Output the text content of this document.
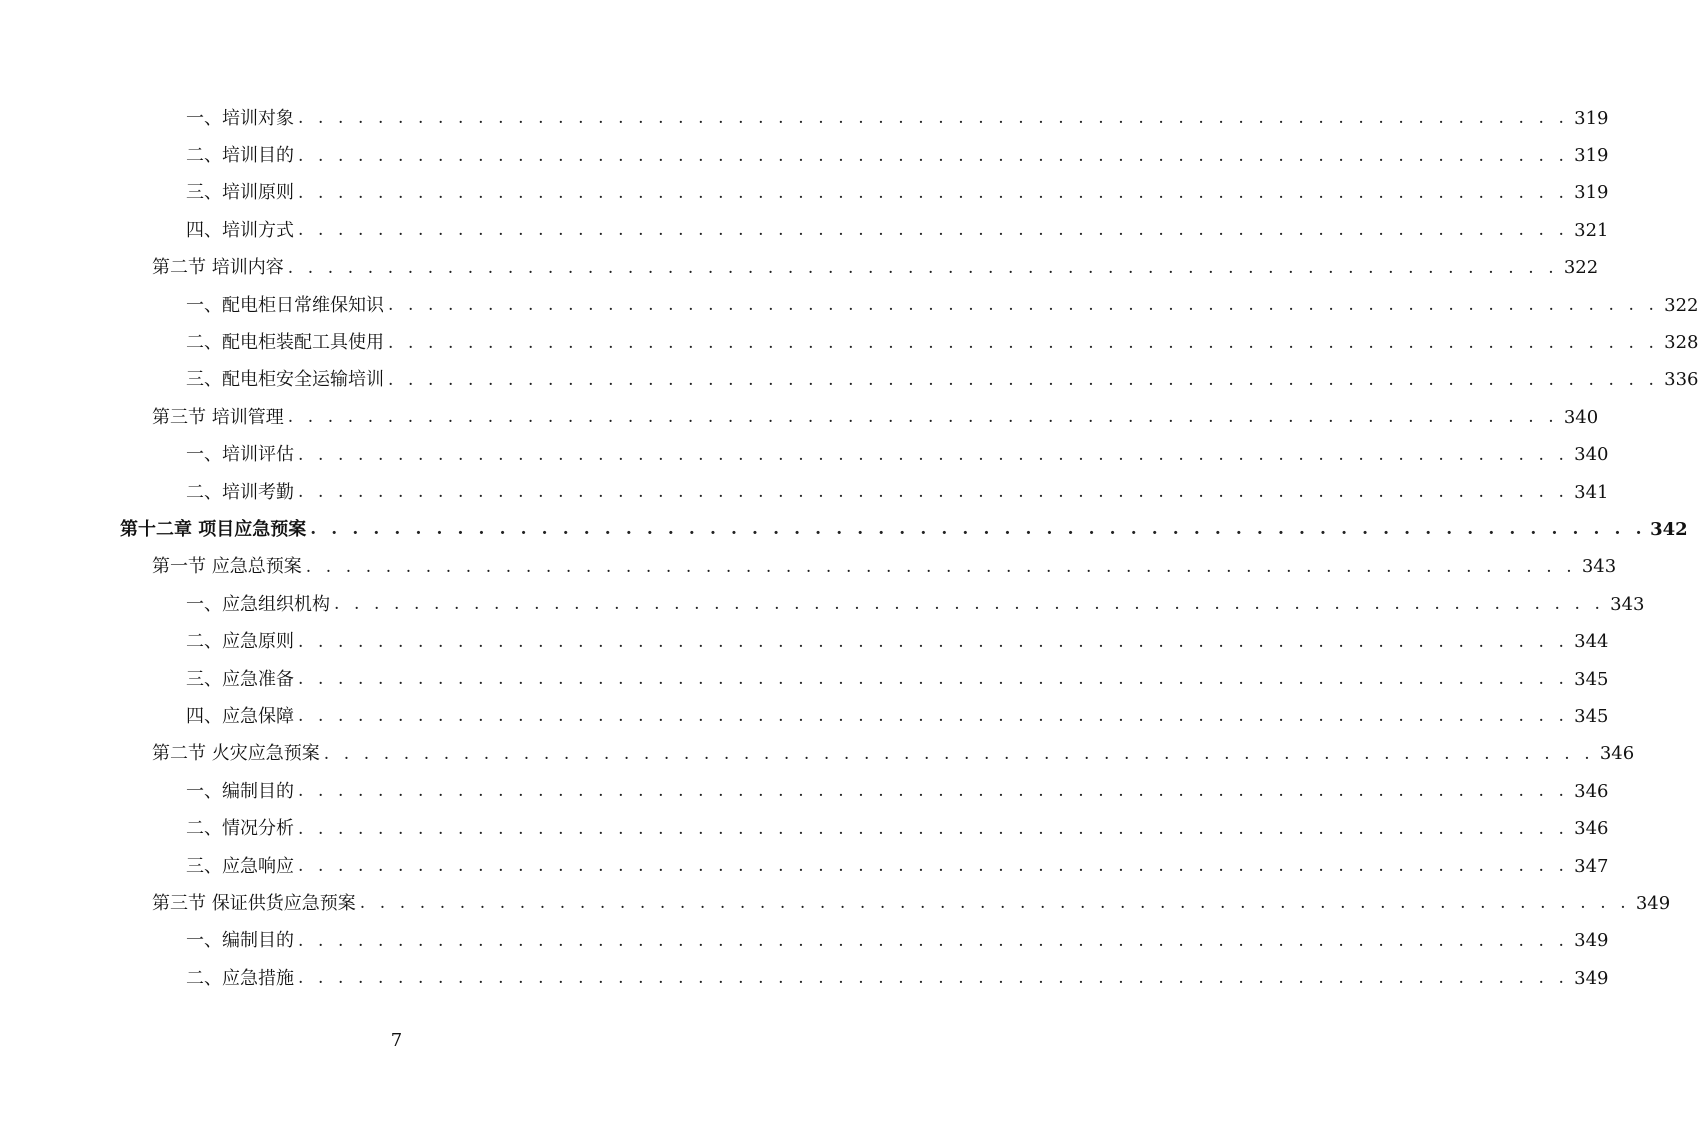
一、培训对象 . . . . . . . . . . . . . . . . . . . . . . . . . . . . . . . . . . . . . . . . . . . . . . . . . . . . . . . . . . . . . . . . 319
二、培训目的 . . . . . . . . . . . . . . . . . . . . . . . . . . . . . . . . . . . . . . . . . . . . . . . . . . . . . . . . . . . . . . . . 319
三、培训原则 . . . . . . . . . . . . . . . . . . . . . . . . . . . . . . . . . . . . . . . . . . . . . . . . . . . . . . . . . . . . . . . . 319
四、培训方式 . . . . . . . . . . . . . . . . . . . . . . . . . . . . . . . . . . . . . . . . . . . . . . . . . . . . . . . . . . . . . . . . 321
第二节 培训内容 . . . . . . . . . . . . . . . . . . . . . . . . . . . . . . . . . . . . . . . . . . . . . . . . . . . . . . . . . . . . . . . . 322
一、配电柜日常维保知识 . . . . . . . . . . . . . . . . . . . . . . . . . . . . . . . . . . . . . . . . . . . . . . . . . . . . . . . . . . . . . . . . 322
二、配电柜装配工具使用 . . . . . . . . . . . . . . . . . . . . . . . . . . . . . . . . . . . . . . . . . . . . . . . . . . . . . . . . . . . . . . . . 328
三、配电柜安全运输培训 . . . . . . . . . . . . . . . . . . . . . . . . . . . . . . . . . . . . . . . . . . . . . . . . . . . . . . . . . . . . . . . . 336
第三节 培训管理 . . . . . . . . . . . . . . . . . . . . . . . . . . . . . . . . . . . . . . . . . . . . . . . . . . . . . . . . . . . . . . . . 340
一、培训评估 . . . . . . . . . . . . . . . . . . . . . . . . . . . . . . . . . . . . . . . . . . . . . . . . . . . . . . . . . . . . . . . . 340
二、培训考勤 . . . . . . . . . . . . . . . . . . . . . . . . . . . . . . . . . . . . . . . . . . . . . . . . . . . . . . . . . . . . . . . . 341
第十二章 项目应急预案 . . . . . . . . . . . . . . . . . . . . . . . . . . . . . . . . . . . . . . . . . . . . . . . . . . . . . . . . . . . . . . . . 342
第一节 应急总预案 . . . . . . . . . . . . . . . . . . . . . . . . . . . . . . . . . . . . . . . . . . . . . . . . . . . . . . . . . . . . . . . . 343
一、应急组织机构 . . . . . . . . . . . . . . . . . . . . . . . . . . . . . . . . . . . . . . . . . . . . . . . . . . . . . . . . . . . . . . . . 343
二、应急原则 . . . . . . . . . . . . . . . . . . . . . . . . . . . . . . . . . . . . . . . . . . . . . . . . . . . . . . . . . . . . . . . . 344
三、应急准备 . . . . . . . . . . . . . . . . . . . . . . . . . . . . . . . . . . . . . . . . . . . . . . . . . . . . . . . . . . . . . . . . 345
四、应急保障 . . . . . . . . . . . . . . . . . . . . . . . . . . . . . . . . . . . . . . . . . . . . . . . . . . . . . . . . . . . . . . . . 345
第二节 火灾应急预案 . . . . . . . . . . . . . . . . . . . . . . . . . . . . . . . . . . . . . . . . . . . . . . . . . . . . . . . . . . . . . . . . 346
一、编制目的 . . . . . . . . . . . . . . . . . . . . . . . . . . . . . . . . . . . . . . . . . . . . . . . . . . . . . . . . . . . . . . . . 346
二、情况分析 . . . . . . . . . . . . . . . . . . . . . . . . . . . . . . . . . . . . . . . . . . . . . . . . . . . . . . . . . . . . . . . . 346
三、应急响应 . . . . . . . . . . . . . . . . . . . . . . . . . . . . . . . . . . . . . . . . . . . . . . . . . . . . . . . . . . . . . . . . 347
第三节 保证供货应急预案 . . . . . . . . . . . . . . . . . . . . . . . . . . . . . . . . . . . . . . . . . . . . . . . . . . . . . . . . . . . . . . . . 349
一、编制目的 . . . . . . . . . . . . . . . . . . . . . . . . . . . . . . . . . . . . . . . . . . . . . . . . . . . . . . . . . . . . . . . . 349
二、应急措施 . . . . . . . . . . . . . . . . . . . . . . . . . . . . . . . . . . . . . . . . . . . . . . . . . . . . . . . . . . . . . . . . 349
7
